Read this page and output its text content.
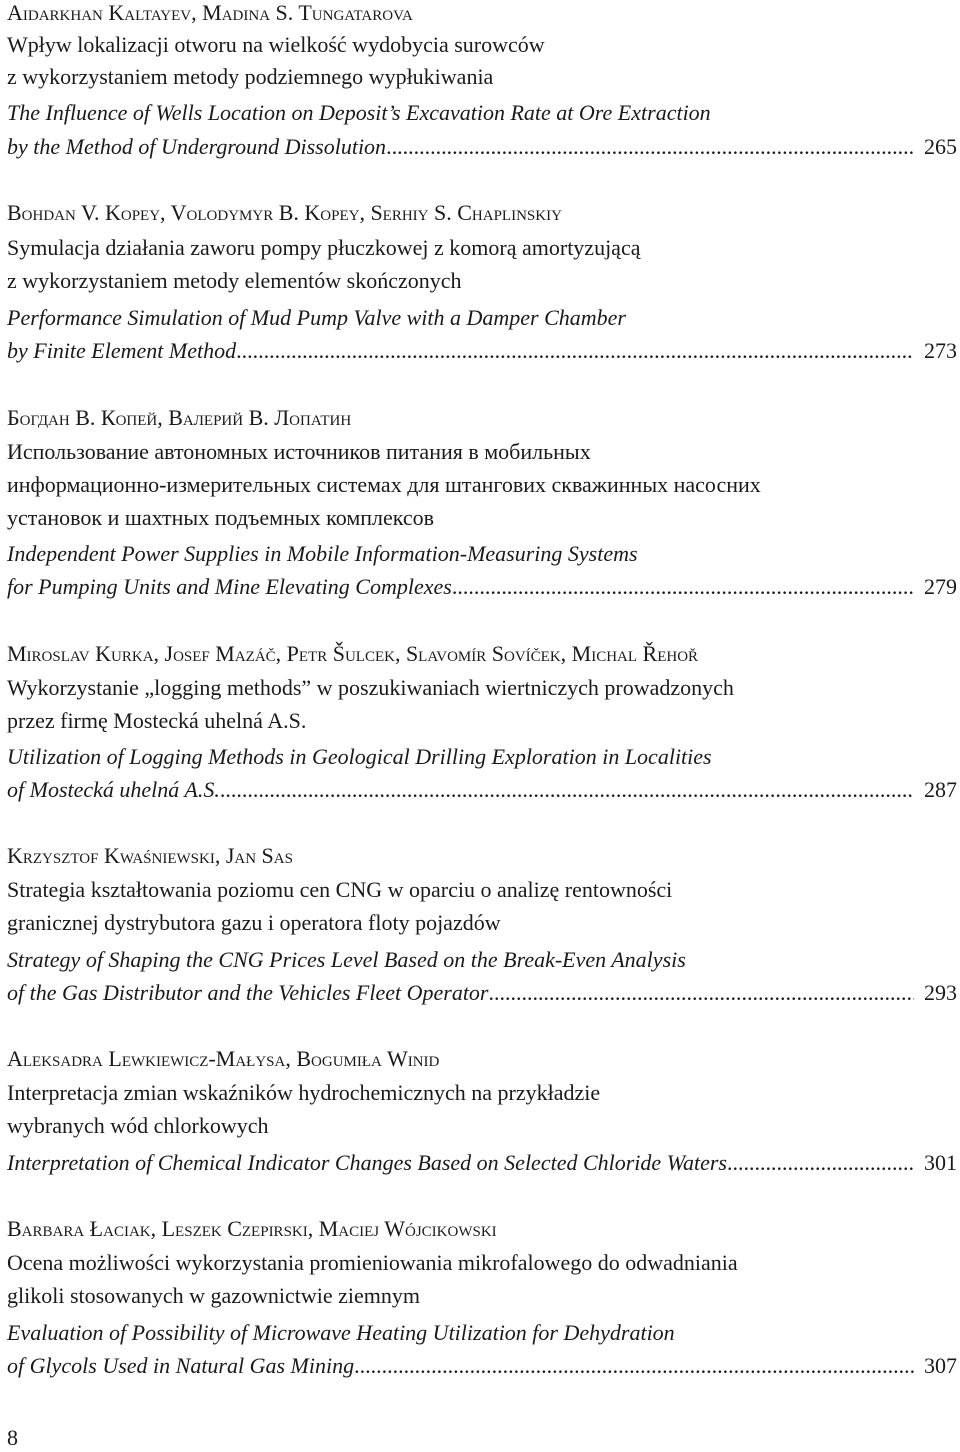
Aidarkhan Kaltayev, Madina S. Tungatarova
Wpływ lokalizacji otworu na wielkość wydobycia surowców
z wykorzystaniem metody podziemnego wypłukiwania
The Influence of Wells Location on Deposit’s Excavation Rate at Ore Extraction
by the Method of Underground Dissolution .....	265
Bohdan V. Kopey, Volodymyr B. Kopey, Serhiy S. Chaplinskiy
Symulacja działania zaworu pompy płuczkowej z komorą amortyzującą
z wykorzystaniem metody elementów skończonych
Performance Simulation of Mud Pump Valve with a Damper Chamber
by Finite Element Method .....	273
Богдан В. Копей, Валерий В. Лопатин
Использование автономных источников питания в мобильных
информационно-измерительных системах для штангових скважинных насосних
установок и шахтных подъемных комплексов
Independent Power Supplies in Mobile Information-Measuring Systems
for Pumping Units and Mine Elevating Complexes .....	279
Miroslav Kurka, Josef Mazáč, Petr Šulcek, Slavomír Sovíček, Michal Řehoř
Wykorzystanie „logging methods” w poszukiwaniach wiertniczych prowadzonych
przez firmę Mostecká uhelná A.S.
Utilization of Logging Methods in Geological Drilling Exploration in Localities
of Mostecká uhelná A.S. .....	287
Krzysztof Kwaśniewski, Jan Sas
Strategia kształtowania poziomu cen CNG w oparciu o analizę rentowności
granicznej dystrybutora gazu i operatora floty pojazdów
Strategy of Shaping the CNG Prices Level Based on the Break-Even Analysis
of the Gas Distributor and the Vehicles Fleet Operator .....	293
Aleksadra Lewkiewicz-Małysa, Bogumiła Winid
Interpretacja zmian wskaźników hydrochemicznych na przykładzie
wybranych wód chlorkowych
Interpretation of Chemical Indicator Changes Based on Selected Chloride Waters .....	301
Barbara Łaciak, Leszek Czepirski, Maciej Wójcikowski
Ocena możliwości wykorzystania promieniowania mikrofalowego do odwadniania
glikoli stosowanych w gazownictwie ziemnym
Evaluation of Possibility of Microwave Heating Utilization for Dehydration
of Glycols Used in Natural Gas Mining .....	307
8
